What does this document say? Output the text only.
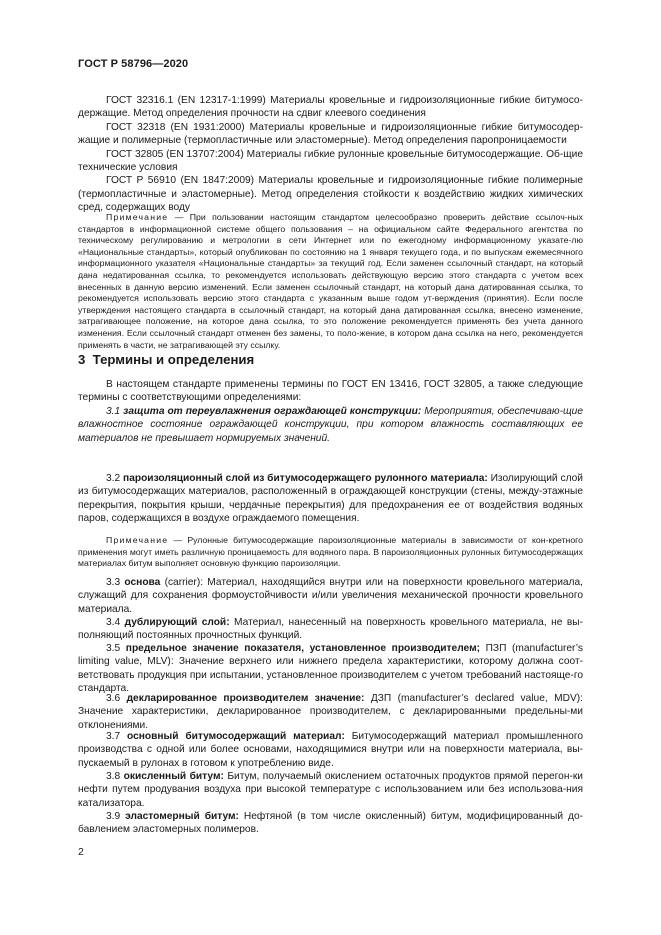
ГОСТ Р 58796—2020

ГОСТ 32316.1 (EN 12317-1:1999) Материалы кровельные и гидроизоляционные гибкие битумосо-держащие. Метод определения прочности на сдвиг клеевого соединения

ГОСТ 32318 (EN 1931:2000) Материалы кровельные и гидроизоляционные гибкие битумосодер-жащие и полимерные (термопластичные или эластомерные). Метод определения паропроницаемости

ГОСТ 32805 (EN 13707:2004) Материалы гибкие рулонные кровельные битумосодержащие. Об-щие технические условия

ГОСТ Р 56910 (EN 1847:2009) Материалы кровельные и гидроизоляционные гибкие полимерные (термопластичные и эластомерные). Метод определения стойкости к воздействию жидких химических сред, содержащих воду

Примечание — При пользовании настоящим стандартом целесообразно проверить действие ссылоч-ных стандартов в информационной системе общего пользования – на официальном сайте Федерального агентства по техническому регулированию и метрологии в сети Интернет или по ежегодному информационному указате-лю «Национальные стандарты», который опубликован по состоянию на 1 января текущего года, и по выпускам ежемесячного информационного указателя «Национальные стандарты» за текущий год. Если заменен ссылочный стандарт, на который дана недатированная ссылка, то рекомендуется использовать действующую версию этого стандарта с учетом всех внесенных в данную версию изменений. Если заменен ссылочный стандарт, на который дана датированная ссылка, то рекомендуется использовать версию этого стандарта с указанным выше годом ут-верждения (принятия). Если после утверждения настоящего стандарта в ссылочный стандарт, на который дана датированная ссылка, внесено изменение, затрагивающее положение, на которое дана ссылка, то это положение рекомендуется применять без учета данного изменения. Если ссылочный стандарт отменен без замены, то поло-жение, в котором дана ссылка на него, рекомендуется применять в части, не затрагивающей эту ссылку.

3 Термины и определения

В настоящем стандарте применены термины по ГОСТ EN 13416, ГОСТ 32805, а также следующие термины с соответствующими определениями:

3.1 защита от переувлажнения ограждающей конструкции: Мероприятия, обеспечиваю-щие влажностное состояние ограждающей конструкции, при котором влажность составляющих ее материалов не превышает нормируемых значений.

3.2 пароизоляционный слой из битумосодержащего рулонного материала: Изолирующий слой из битумосодержащих материалов, расположенный в ограждающей конструкции (стены, между-этажные перекрытия, покрытия крыши, чердачные перекрытия) для предохранения ее от воздействия водяных паров, содержащихся в воздухе ограждаемого помещения.

Примечание — Рулонные битумосодержащие пароизоляционные материалы в зависимости от кон-кретного применения могут иметь различную проницаемость для водяного пара. В пароизоляционных рулонных битумосодержащих материалах битум выполняет основную функцию пароизоляции.

3.3 основа (carrier): Материал, находящийся внутри или на поверхности кровельного материала, служащий для сохранения формоустойчивости и/или увеличения механической прочности кровельного материала.

3.4 дублирующий слой: Материал, нанесенный на поверхность кровельного материала, не вы-полняющий постоянных прочностных функций.

3.5 предельное значение показателя, установленное производителем; ПЗП (manufacturer’s limiting value, MLV): Значение верхнего или нижнего предела характеристики, которому должна соот-ветствовать продукция при испытании, установленное производителем с учетом требований настояще-го стандарта.

3.6 декларированное производителем значение: ДЗП (manufacturer’s declared value, MDV): Значение характеристики, декларированное производителем, с декларированными предельны-ми отклонениями.

3.7 основный битумосодержащий материал: Битумосодержащий материал промышленного производства с одной или более основами, находящимися внутри или на поверхности материала, вы-пускаемый в рулонах в готовом к употреблению виде.

3.8 окисленный битум: Битум, получаемый окислением остаточных продуктов прямой перегон-ки нефти путем продувания воздуха при высокой температуре с использованием или без использова-ния катализатора.

3.9 эластомерный битум: Нефтяной (в том числе окисленный) битум, модифицированный до-бавлением эластомерных полимеров.

2
